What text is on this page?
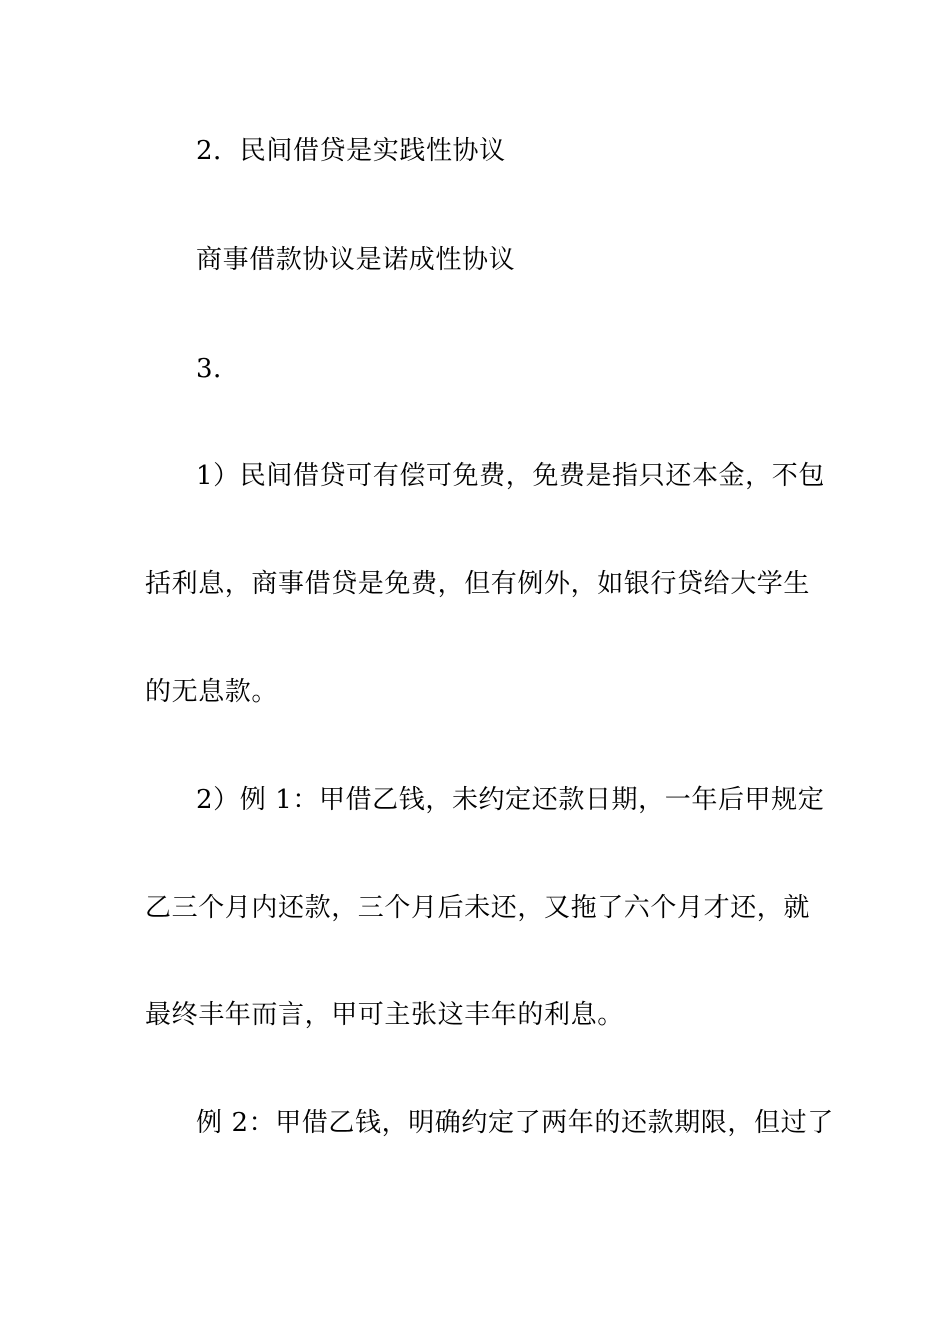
2．民间借贷是实践性协议
商事借款协议是诺成性协议
3．
1）民间借贷可有偿可免费，免费是指只还本金，不包
括利息，商事借贷是免费，但有例外，如银行贷给大学生
的无息款。
2）例 1：甲借乙钱，未约定还款日期，一年后甲规定
乙三个月内还款，三个月后未还，又拖了六个月才还，就
最终丰年而言，甲可主张这丰年的利息。
例 2：甲借乙钱，明确约定了两年的还款期限，但过了
